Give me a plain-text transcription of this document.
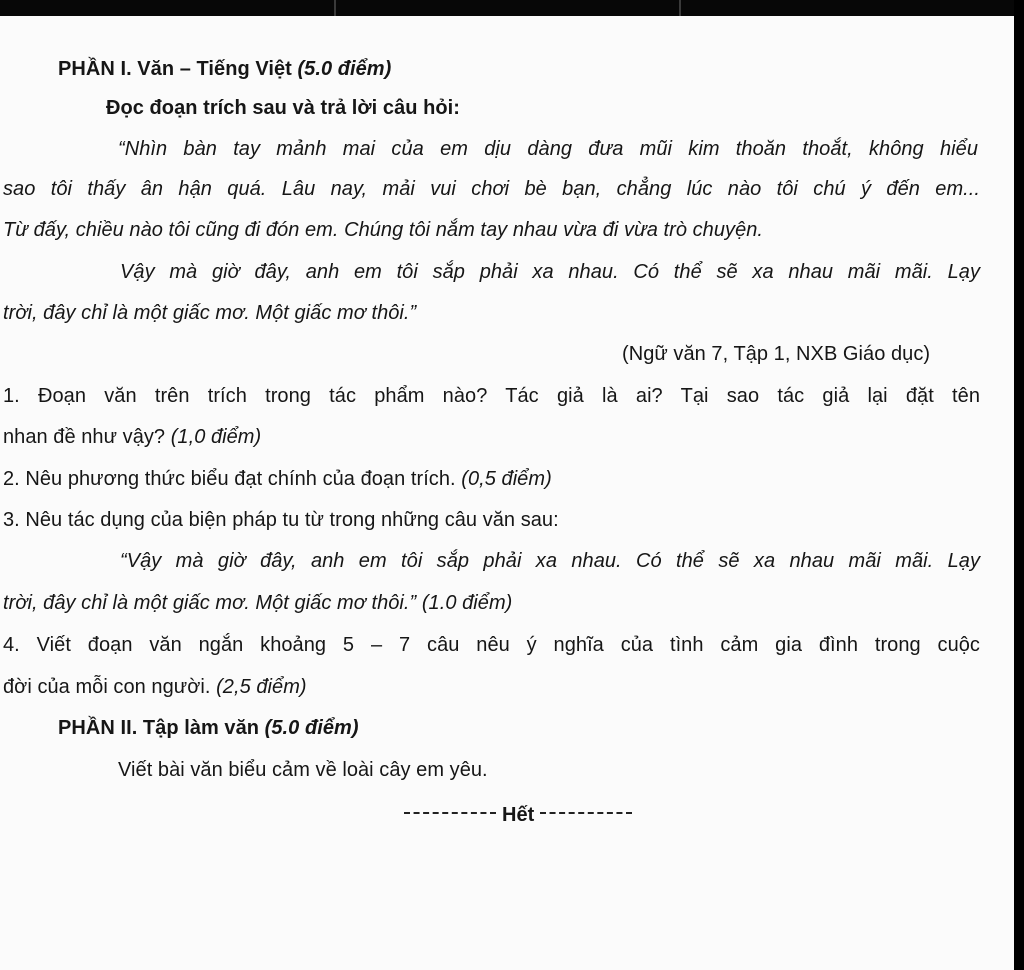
PHẦN I. Văn – Tiếng Việt (5.0 điểm)
Đọc đoạn trích sau và trả lời câu hỏi:
“Nhìn bàn tay mảnh mai của em dịu dàng đưa mũi kim thoăn thoắt, không hiểu
sao tôi thấy ân hận quá. Lâu nay, mải vui chơi bè bạn, chẳng lúc nào tôi chú ý đến em...
Từ đấy, chiều nào tôi cũng đi đón em. Chúng tôi nắm tay nhau vừa đi vừa trò chuyện.
Vậy mà giờ đây, anh em tôi sắp phải xa nhau. Có thể sẽ xa nhau mãi mãi. Lạy
trời, đây chỉ là một giấc mơ. Một giấc mơ thôi.”
(Ngữ văn 7, Tập 1, NXB Giáo dục)
1. Đoạn văn trên trích trong tác phẩm nào? Tác giả là ai? Tại sao tác giả lại đặt tên
nhan đề như vậy? (1,0 điểm)
2. Nêu phương thức biểu đạt chính của đoạn trích. (0,5 điểm)
3. Nêu tác dụng của biện pháp tu từ trong những câu văn sau:
“Vậy mà giờ đây, anh em tôi sắp phải xa nhau. Có thể sẽ xa nhau mãi mãi. Lạy
trời, đây chỉ là một giấc mơ. Một giấc mơ thôi.” (1.0 điểm)
4. Viết đoạn văn ngắn khoảng 5 – 7 câu nêu ý nghĩa của tình cảm gia đình trong cuộc
đời của mỗi con người. (2,5 điểm)
PHẦN II. Tập làm văn (5.0 điểm)
Viết bài văn biểu cảm về loài cây em yêu.
Hết
